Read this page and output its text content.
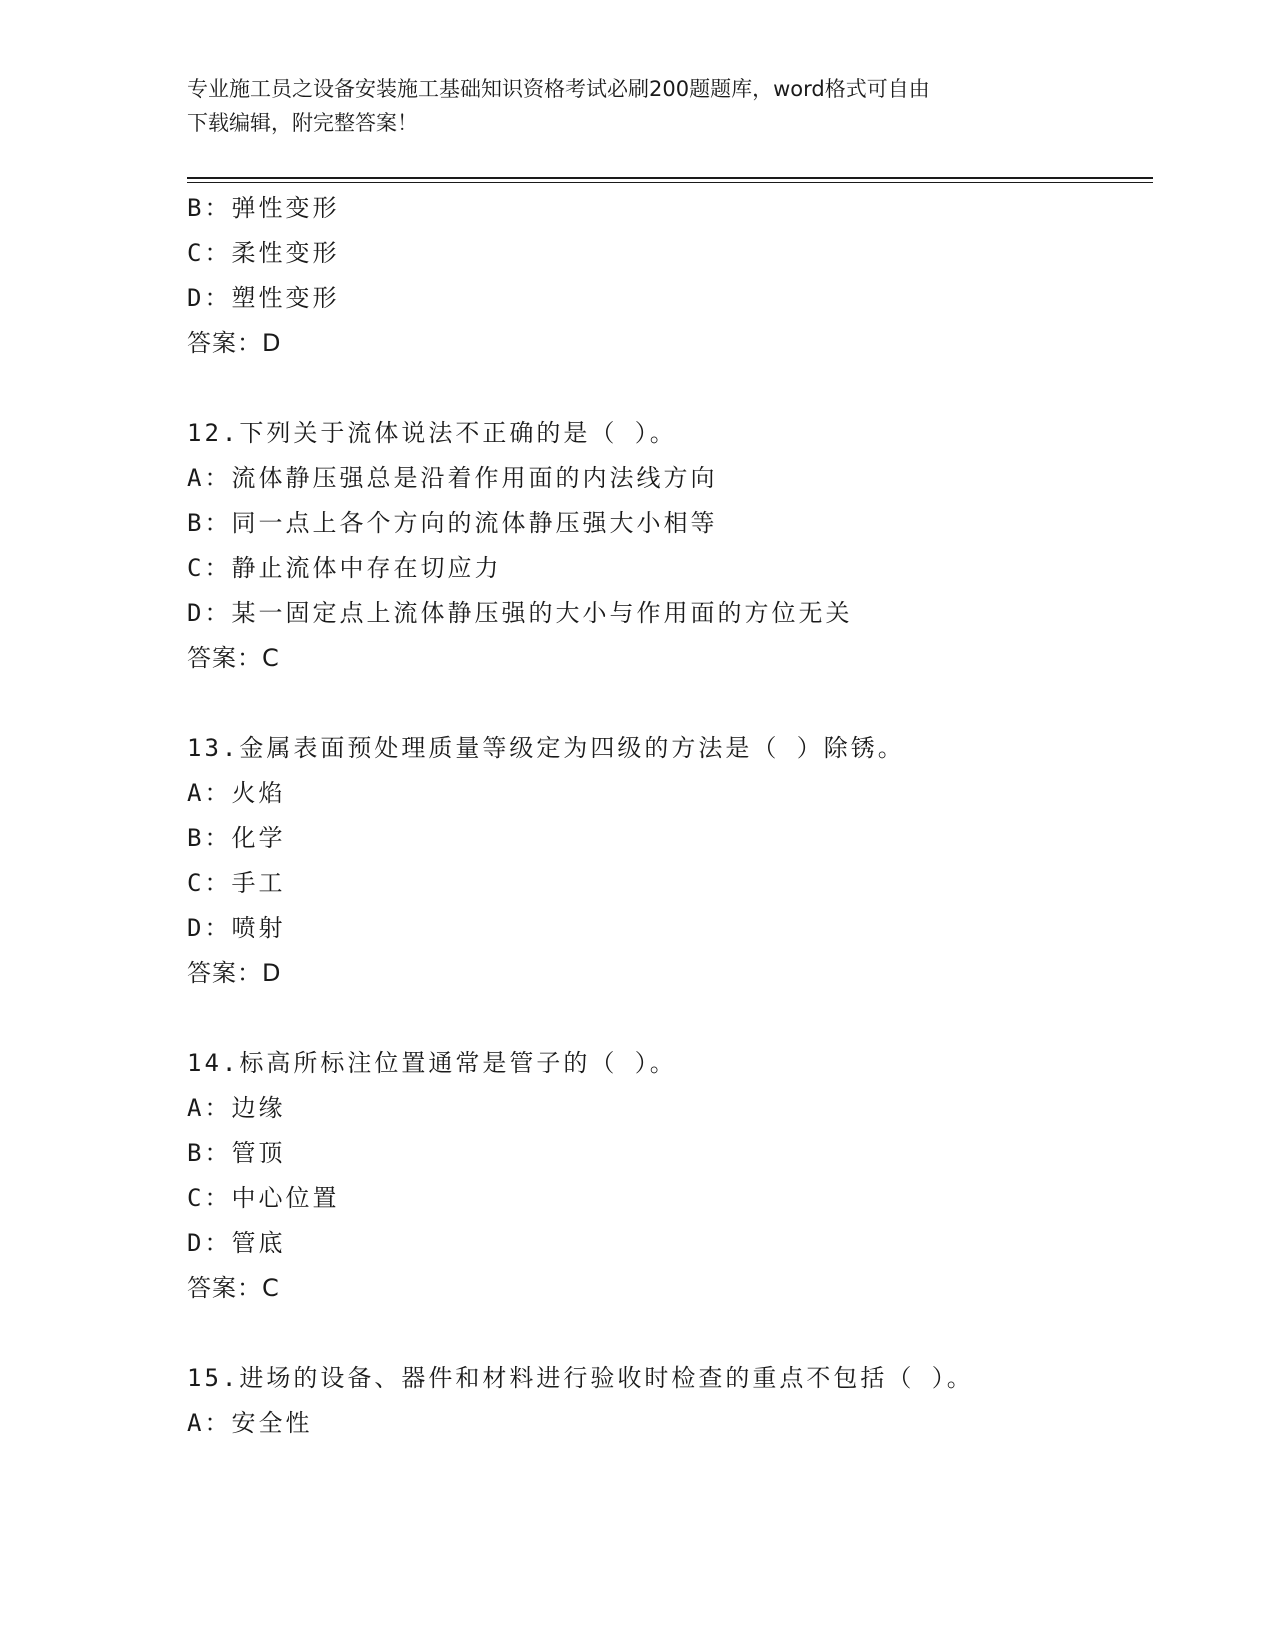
专业施工员之设备安装施工基础知识资格考试必刷200题题库，word格式可自由
下载编辑，附完整答案！
B：弹性变形
C：柔性变形
D：塑性变形
答案：D
12.下列关于流体说法不正确的是（ ）。
A：流体静压强总是沿着作用面的内法线方向
B：同一点上各个方向的流体静压强大小相等
C：静止流体中存在切应力
D：某一固定点上流体静压强的大小与作用面的方位无关
答案：C
13.金属表面预处理质量等级定为四级的方法是（ ）除锈。
A：火焰
B：化学
C：手工
D：喷射
答案：D
14.标高所标注位置通常是管子的（ ）。
A：边缘
B：管顶
C：中心位置
D：管底
答案：C
15.进场的设备、器件和材料进行验收时检查的重点不包括（ ）。
A：安全性
